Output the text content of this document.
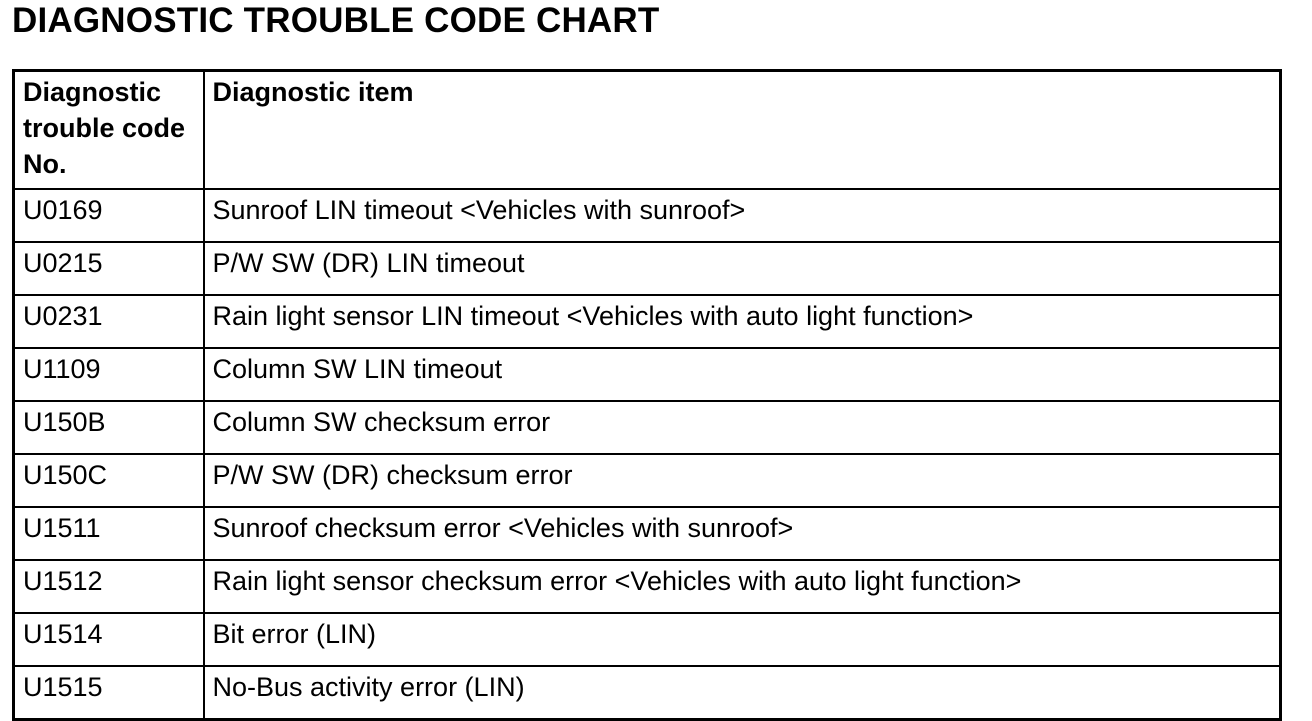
DIAGNOSTIC TROUBLE CODE CHART
Diagnostic trouble code No.	Diagnostic item
U0169	Sunroof LIN timeout <Vehicles with sunroof>
U0215	P/W SW (DR) LIN timeout
U0231	Rain light sensor LIN timeout <Vehicles with auto light function>
U1109	Column SW LIN timeout
U150B	Column SW checksum error
U150C	P/W SW (DR) checksum error
U1511	Sunroof checksum error <Vehicles with sunroof>
U1512	Rain light sensor checksum error <Vehicles with auto light function>
U1514	Bit error (LIN)
U1515	No-Bus activity error (LIN)
